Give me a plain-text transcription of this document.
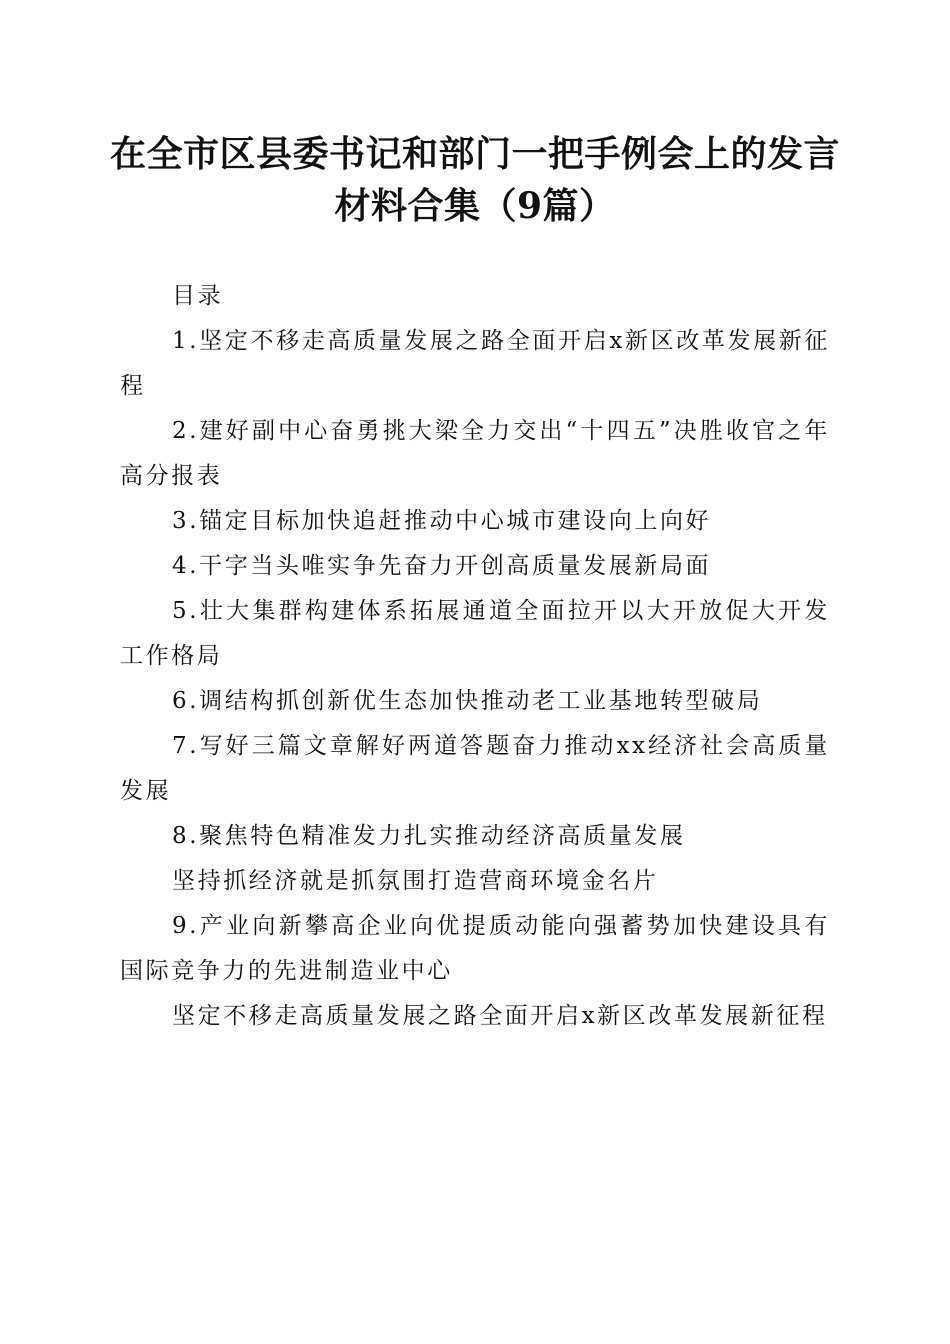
在全市区县委书记和部门一把手例会上的发言
材料合集（9篇）

目录

1.坚定不移走高质量发展之路全面开启x新区改革发展新征程

2.建好副中心奋勇挑大梁全力交出“十四五”决胜收官之年高分报表

3.锚定目标加快追赶推动中心城市建设向上向好

4.干字当头唯实争先奋力开创高质量发展新局面

5.壮大集群构建体系拓展通道全面拉开以大开放促大开发工作格局

6.调结构抓创新优生态加快推动老工业基地转型破局

7.写好三篇文章解好两道答题奋力推动xx经济社会高质量发展

8.聚焦特色精准发力扎实推动经济高质量发展

坚持抓经济就是抓氛围打造营商环境金名片

9.产业向新攀高企业向优提质动能向强蓄势加快建设具有国际竞争力的先进制造业中心

坚定不移走高质量发展之路全面开启x新区改革发展新征程
